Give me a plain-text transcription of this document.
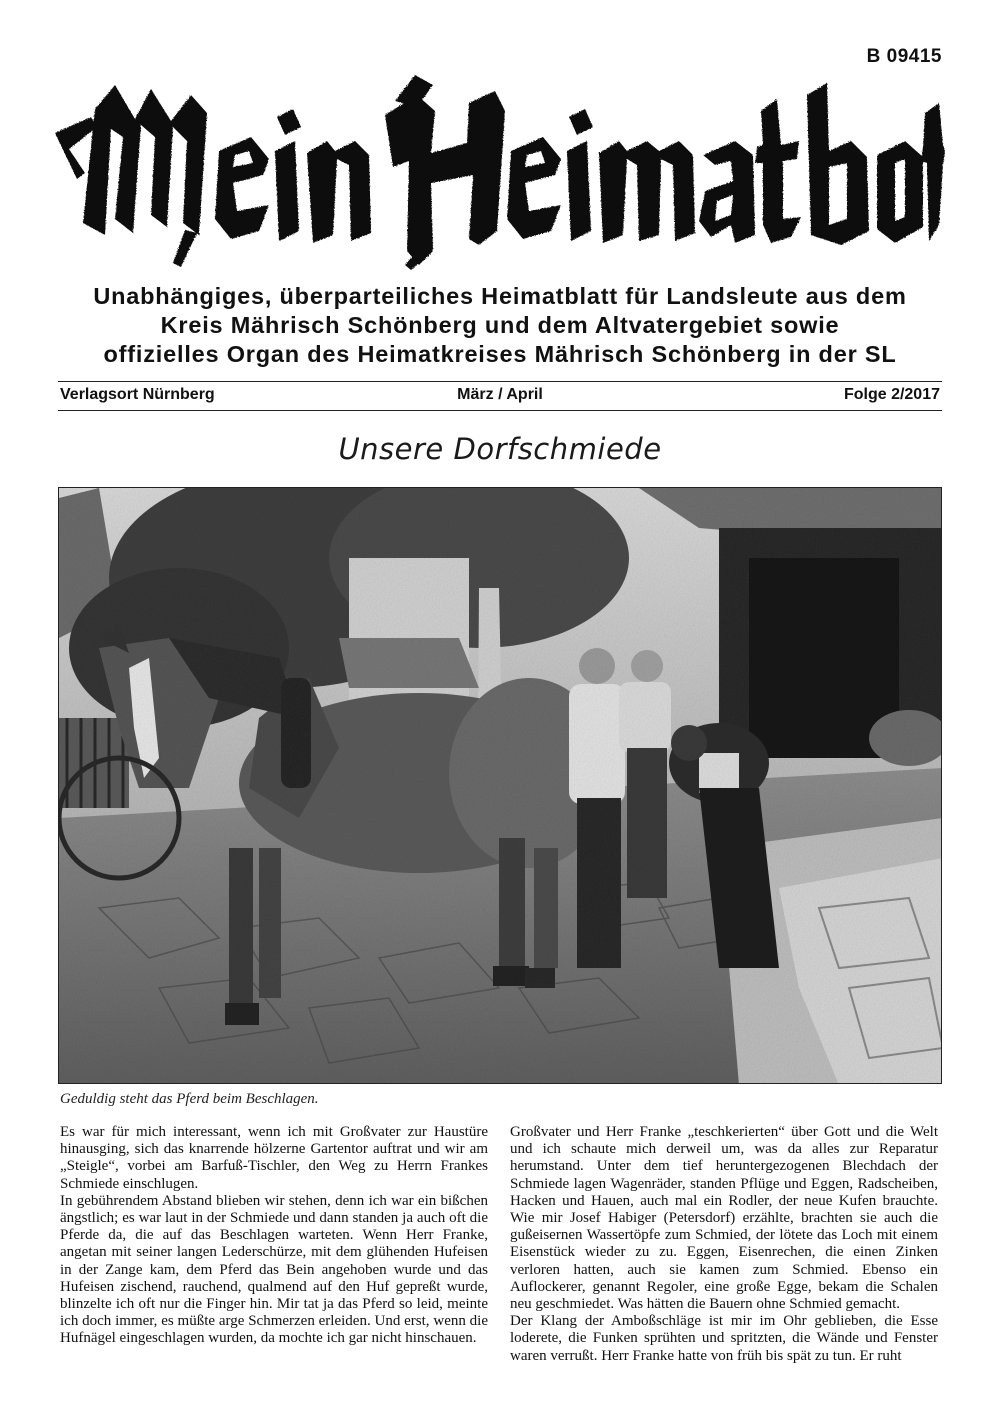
B 09415
Unabhängiges, überparteiliches Heimatblatt für Landsleute aus dem
Kreis Mährisch Schönberg und dem Altvatergebiet sowie
offizielles Organ des Heimatkreises Mährisch Schönberg in der SL
Verlagsort Nürnberg	März / April	Folge 2/2017
Unsere Dorfschmiede
Geduldig steht das Pferd beim Beschlagen.

Es war für mich interessant, wenn ich mit Großvater zur Haustüre hinausging, sich das knarrende hölzerne Gartentor auftrat und wir am „Steigle“, vorbei am Barfuß-Tischler, den Weg zu Herrn Frankes Schmiede einschlugen.

In gebührendem Abstand blieben wir stehen, denn ich war ein bißchen ängstlich; es war laut in der Schmiede und dann standen ja auch oft die Pferde da, die auf das Beschlagen warteten. Wenn Herr Franke, angetan mit seiner langen Lederschürze, mit dem glühenden Hufeisen in der Zange kam, dem Pferd das Bein angehoben wurde und das Hufeisen zischend, rauchend, qualmend auf den Huf gepreßt wurde, blinzelte ich oft nur die Finger hin. Mir tat ja das Pferd so leid, meinte ich doch immer, es müßte arge Schmerzen erleiden. Und erst, wenn die Hufnägel eingeschlagen wurden, da mochte ich gar nicht hinschauen.

Großvater und Herr Franke „teschkerierten“ über Gott und die Welt und ich schaute mich derweil um, was da alles zur Reparatur herumstand. Unter dem tief heruntergezogenen Blechdach der Schmiede lagen Wagenräder, standen Pflüge und Eggen, Radscheiben, Hacken und Hauen, auch mal ein Rodler, der neue Kufen brauchte. Wie mir Josef Habiger (Petersdorf) erzählte, brachten sie auch die gußeisernen Wassertöpfe zum Schmied, der lötete das Loch mit einem Eisenstück wieder zu zu. Eggen, Eisenrechen, die einen Zinken verloren hatten, auch sie kamen zum Schmied. Ebenso ein Auflockerer, genannt Regoler, eine große Egge, bekam die Schalen neu geschmiedet. Was hätten die Bauern ohne Schmied gemacht.

Der Klang der Amboßschläge ist mir im Ohr geblieben, die Esse loderete, die Funken sprühten und spritzten, die Wände und Fenster waren verrußt. Herr Franke hatte von früh bis spät zu tun. Er ruht
